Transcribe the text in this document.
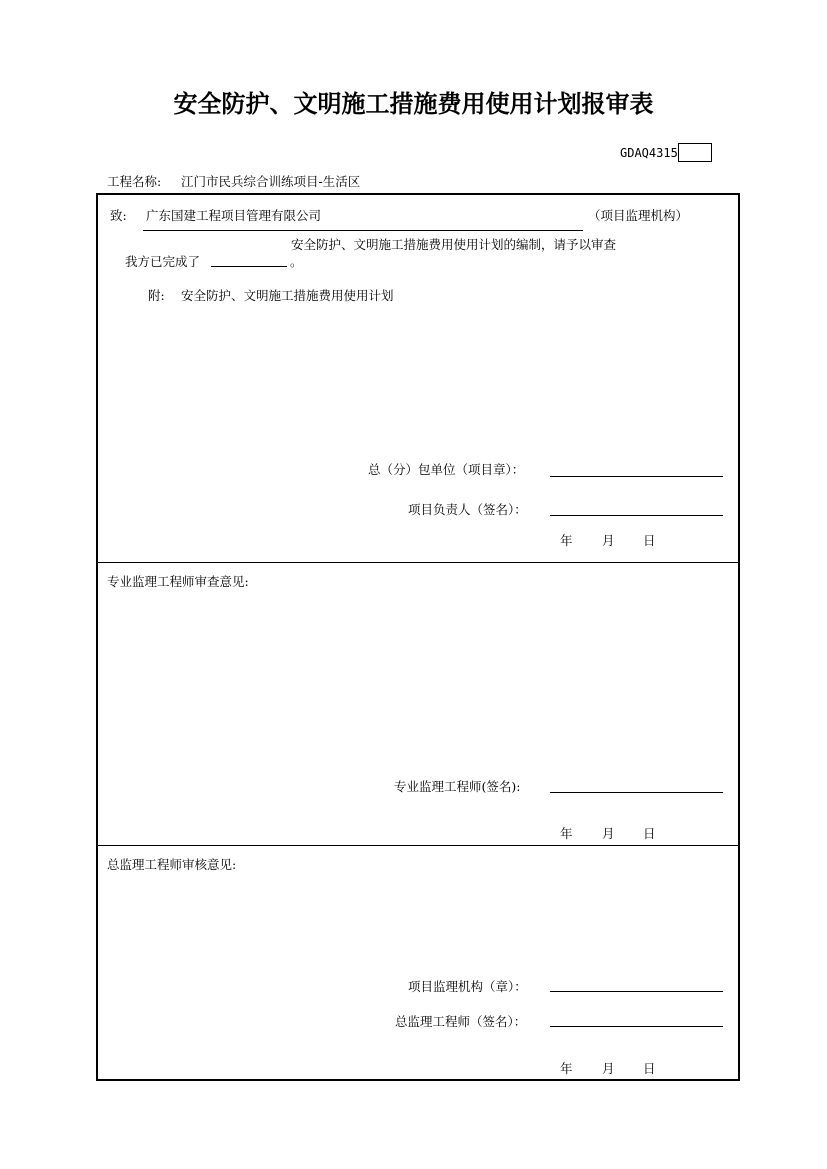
安全防护、文明施工措施费用使用计划报审表
GDAQ4315
工程名称: 江门市民兵综合训练项目-生活区
致: 广东国建工程项目管理有限公司	（项目监理机构）
安全防护、文明施工措施费用使用计划的编制，请予以审查
我方已完成了	。
附: 安全防护、文明施工措施费用使用计划
总（分）包单位（项目章）：
项目负责人（签名）：
年 月 日
专业监理工程师审查意见:
专业监理工程师(签名):
年 月 日
总监理工程师审核意见:
项目监理机构（章）：
总监理工程师（签名）：
年 月 日
